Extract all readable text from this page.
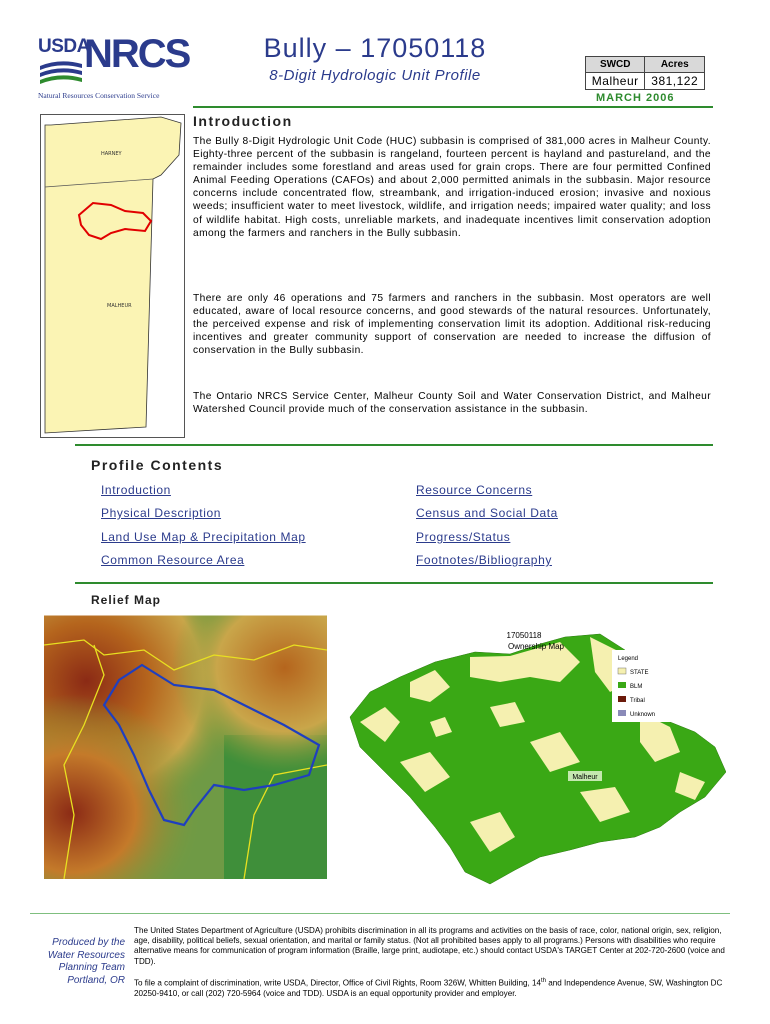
USDA
NRCS
Natural Resources Conservation Service
Bully – 17050118
8-Digit Hydrologic Unit Profile
SWCD	Acres
Malheur	381,122
MARCH 2006
HARNEY
MALHEUR
Introduction

The Bully 8-Digit Hydrologic Unit Code (HUC) subbasin is comprised of 381,000 acres in Malheur County. Eighty-three percent of the subbasin is rangeland, fourteen percent is hayland and pastureland, and the remainder includes some forestland and areas used for grain crops. There are four permitted Confined Animal Feeding Operations (CAFOs) and about 2,000 permitted animals in the subbasin. Major resource concerns include concentrated flow, streambank, and irrigation-induced erosion; invasive and noxious weeds; insufficient water to meet livestock, wildlife, and irrigation needs; impaired water quality; and loss of wildlife habitat. High costs, unreliable markets, and inadequate incentives limit conservation adoption among the farmers and ranchers in the Bully subbasin.

There are only 46 operations and 75 farmers and ranchers in the subbasin. Most operators are well educated, aware of local resource concerns, and good stewards of the natural resources. Unfortunately, the perceived expense and risk of implementing conservation limit its adoption. Additional risk-reducing incentives and greater community support of conservation are needed to increase the diffusion of conservation in the Bully subbasin.

The Ontario NRCS Service Center, Malheur County Soil and Water Conservation District, and Malheur Watershed Council provide much of the conservation assistance in the subbasin.

Profile Contents
Introduction
Physical Description
Land Use Map & Precipitation Map
Common Resource Area
Resource Concerns
Census and Social Data
Progress/Status
Footnotes/Bibliography
Relief Map
17050118
Ownership Map
Legend
STATE
BLM
Tribal
Unknown
Malheur
Produced by the Water Resources Planning Team Portland, OR

The United States Department of Agriculture (USDA) prohibits discrimination in all its programs and activities on the basis of race, color, national origin, sex, religion, age, disability, political beliefs, sexual orientation, and marital or family status. (Not all prohibited bases apply to all programs.) Persons with disabilities who require alternative means for communication of program information (Braille, large print, audiotape, etc.) should contact USDA's TARGET Center at 202-720-2600 (voice and TDD).

To file a complaint of discrimination, write USDA, Director, Office of Civil Rights, Room 326W, Whitten Building, 14th and Independence Avenue, SW, Washington DC 20250-9410, or call (202) 720-5964 (voice and TDD). USDA is an equal opportunity provider and employer.
